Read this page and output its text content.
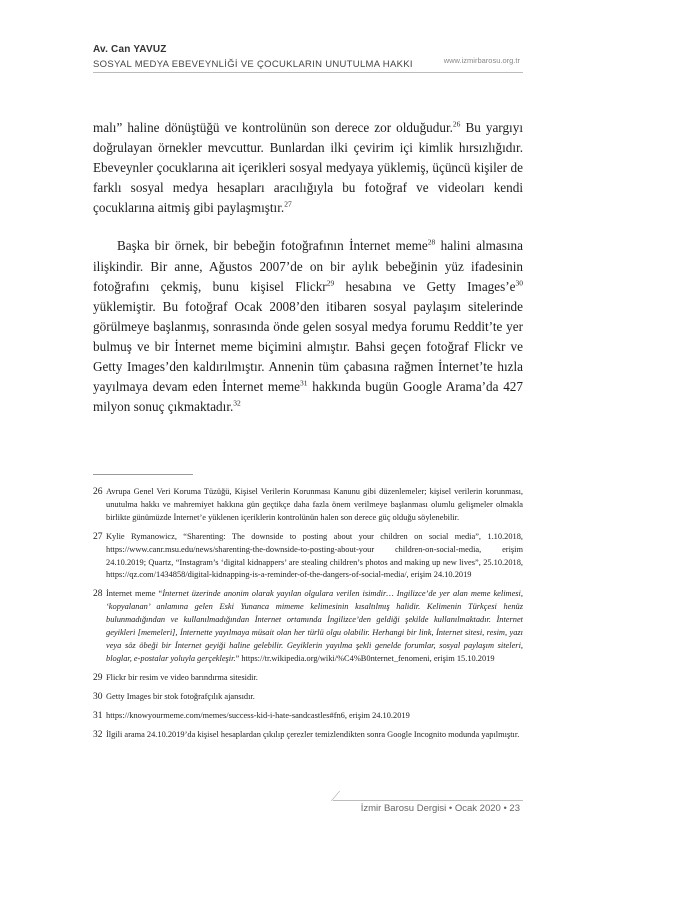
Av. Can YAVUZ
SOSYAL MEDYA EBEVEYNLİĞİ VE ÇOCUKLARIN UNUTULMA HAKKI	www.izmirbarosu.org.tr

malı” haline dönüştüğü ve kontrolünün son derece zor olduğudur.$^{26}$ Bu yargıyı doğrulayan örnekler mevcuttur. Bunlardan ilki çevirim içi kimlik hırsızlığıdır. Ebeveynler çocuklarına ait içerikleri sosyal medyaya yüklemiş, üçüncü kişiler de farklı sosyal medya hesapları aracılığıyla bu fotoğraf ve videoları kendi çocuklarına aitmiş gibi paylaşmıştır.$^{27}$

Başka bir örnek, bir bebeğin fotoğrafının İnternet meme$^{28}$ halini almasına ilişkindir. Bir anne, Ağustos 2007’de on bir aylık bebeğinin yüz ifadesinin fotoğrafını çekmiş, bunu kişisel Flickr$^{29}$ hesabına ve Getty $Images’e^{30}$ yüklemiştir. Bu fotoğraf Ocak 2008’den itibaren sosyal paylaşım sitelerinde görülmeye başlanmış, sonrasında önde gelen sosyal medya forumu Reddit’te yer bulmuş ve bir İnternet meme biçimini almıştır. Bahsi geçen fotoğraf Flickr ve Getty Images’den kaldırılmıştır. Annenin tüm çabasına rağmen İnternet’te hızla yayılmaya devam eden İnternet meme$^{31}$ hakkında bugün Google Arama’da 427 milyon sonuç çıkmaktadır.$^{32}$

26 Avrupa Genel Veri Koruma Tüzüğü, Kişisel Verilerin Korunması Kanunu gibi düzenlemeler; kişisel verilerin korunması, unutulma hakkı ve mahremiyet hakkına gün geçtikçe daha fazla önem verilmeye başlanması olumlu gelişmeler olmakla birlikte günümüzde İnternet’e yüklenen içeriklerin kontrolünün halen son derece güç olduğu söylenebilir.
27 Kylie Rymanowicz, “Sharenting: The downside to posting about your children on social media”, 1.10.2018, https://www.canr.msu.edu/news/sharenting-the-downside-to-posting-about-your children-on-social-media, erişim 24.10.2019; Quartz, “Instagram’s ‘digital kidnappers’ are stealing children’s photos and making up new lives”, 25.10.2018, https://qz.com/1434858/digital-kidnapping-is-a-reminder-of-the-dangers-of-social-media/, erişim 24.10.2019
28 İnternet meme “İnternet üzerinde anonim olarak yayılan olgulara verilen isimdir… Ingilizce’de yer alan meme kelimesi, ‘kopyalanan’ anlamına gelen Eski Yunanca mimeme kelimesinin kısaltılmış halidir. Kelimenin Türkçesi henüz bulunmadığından ve kullanılmadığından İnternet ortamında İngilizce’den geldiği şekilde kullanılmaktadır. İnternet geyikleri [memeleri], İnternette yayılmaya müsait olan her türlü olgu olabilir. Herhangi bir link, İnternet sitesi, resim, yazı veya söz öbeği bir İnternet geyiği haline gelebilir. Geyiklerin yayılma şekli genelde forumlar, sosyal paylaşım siteleri, bloglar, e-postalar yoluyla gerçekleşir.” https://tr.wikipedia.org/wiki/%C4%B0nternet_fenomeni, erişim 15.10.2019
29 Flickr bir resim ve video barındırma sitesidir.
30 Getty Images bir stok fotoğrafçılık ajansıdır.
31 https://knowyourmeme.com/memes/success-kid-i-hate-sandcastles#fn6, erişim 24.10.2019
32 İlgili arama 24.10.2019’da kişisel hesaplardan çıkılıp çerezler temizlendikten sonra Google Incognito modunda yapılmıştır.
İzmir Barosu Dergisi • Ocak 2020 • 23
